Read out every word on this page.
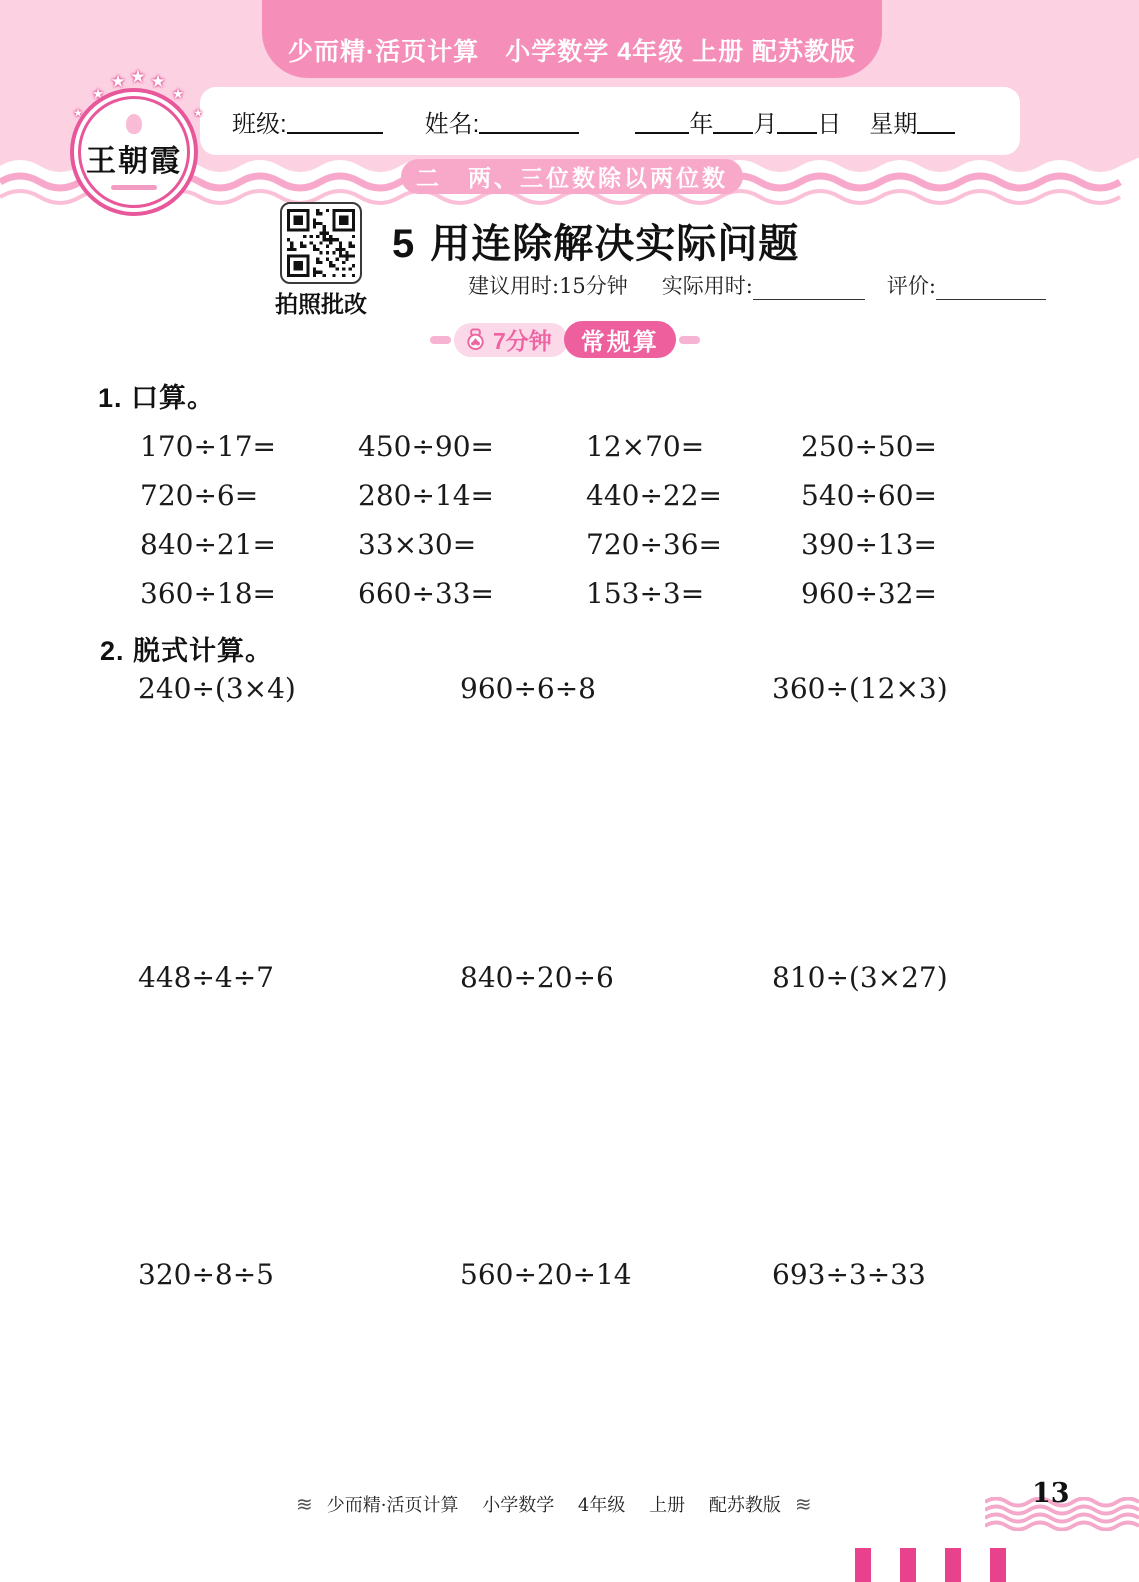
少而精·活页计算　小学数学 4年级 上册 配苏教版
★
★
★ ★ ★
★
★
王朝霞
班级:	姓名:	年 月 日 星期
二　两、三位数除以两位数
拍照批改
5 用连除解决实际问题
建议用时:15分钟 实际用时:	评价:
7分钟 常规算
1. 口算。
170÷17=	450÷90=	12×70=	250÷50=
720÷6=	280÷14=	440÷22=	540÷60=
840÷21=	33×30=	720÷36=	390÷13=
360÷18=	660÷33=	153÷3=	960÷32=
2. 脱式计算。
240÷(3×4)	960÷6÷8	360÷(12×3)
448÷4÷7	840÷20÷6	810÷(3×27)
320÷8÷5	560÷20÷14	693÷3÷33
≋ 少而精·活页计算　 小学数学　 4年级　 上册　 配苏教版 ≋	13
